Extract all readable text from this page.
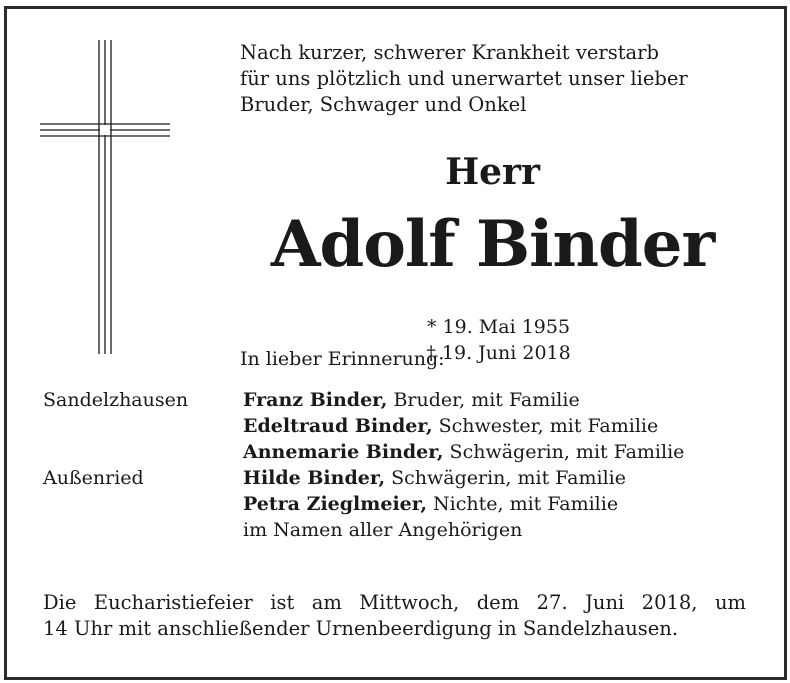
Nach kurzer, schwerer Krankheit verstarb
für uns plötzlich und unerwartet unser lieber
Bruder, Schwager und Onkel
Herr
Adolf Binder

* 19. Mai 1955
† 19. Juni 2018

In lieber Erinnerung:
Sandelzhausen	Franz Binder, Bruder, mit Familie
Edeltraud Binder, Schwester, mit Familie
Annemarie Binder, Schwägerin, mit Familie
Außenried	Hilde Binder, Schwägerin, mit Familie
Petra Zieglmeier, Nichte, mit Familie
im Namen aller Angehörigen
Die Eucharistiefeier ist am Mittwoch, dem 27. Juni 2018, um
14 Uhr mit anschließender Urnenbeerdigung in Sandelzhausen.
